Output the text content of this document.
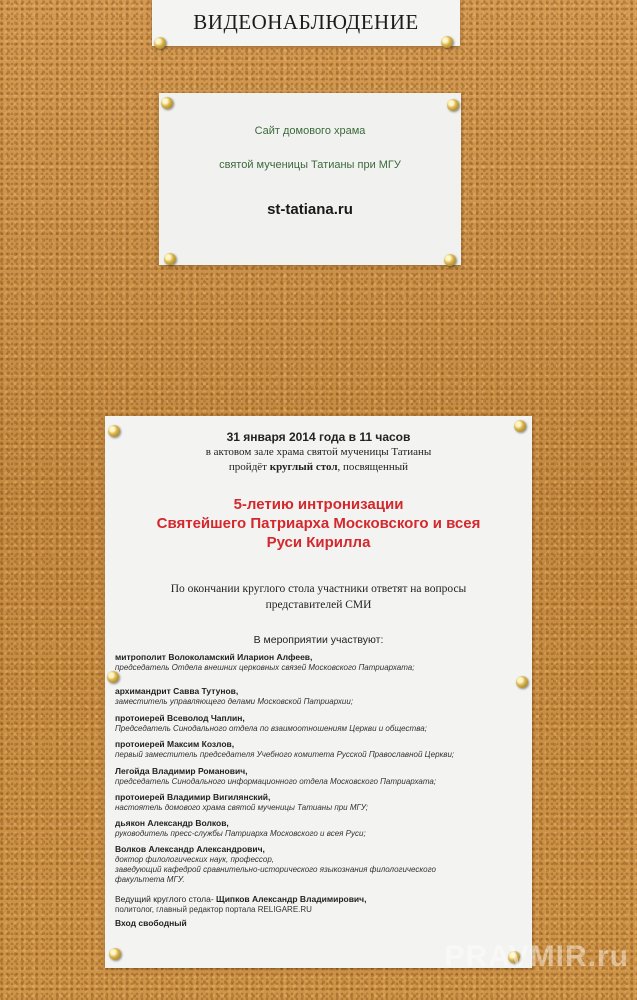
ВИДЕОНАБЛЮДЕНИЕ
Сайт домового храма
святой мученицы Татианы при МГУ
st-tatiana.ru
31 января 2014 года в 11 часов
в актовом зале храма святой мученицы Татианы
пройдёт круглый стол, посвященный
5-летию интронизации
Святейшего Патриарха Московского и всея
Руси Кирилла
По окончании круглого стола участники ответят на вопросы
представителей СМИ
В мероприятии участвуют:
митрополит Волоколамский Иларион Алфеев,
председатель Отдела внешних церковных связей Московского Патриархата;
архимандрит Савва Тутунов,
заместитель управляющего делами Московской Патриархии;
протоиерей Всеволод Чаплин,
Председатель Синодального отдела по взаимоотношениям Церкви и общества;
протоиерей Максим Козлов,
первый заместитель председателя Учебного комитета Русской Православной Церкви;
Легойда Владимир Романович,
председатель Синодального информационного отдела Московского Патриархата;
протоиерей Владимир Вигилянский,
настоятель домового храма святой мученицы Татианы при МГУ;
дьякон Александр Волков,
руководитель пресс-службы Патриарха Московского и всея Руси;
Волков Александр Александрович,
доктор филологических наук, профессор,
заведующий кафедрой сравнительно-исторического языкознания филологического
факультета МГУ.
Ведущий круглого стола- Щипков Александр Владимирович,
политолог, главный редактор портала RELIGARE.RU
Вход свободный
PRAVMIR.ru
